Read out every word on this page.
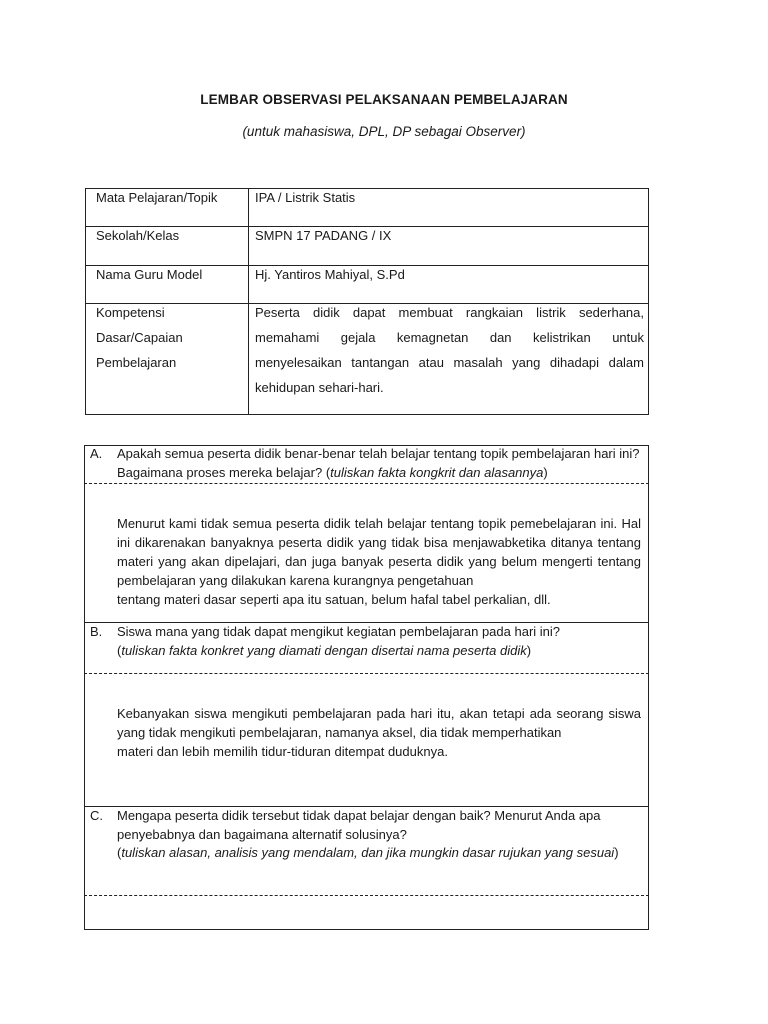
LEMBAR OBSERVASI PELAKSANAAN PEMBELAJARAN
(untuk mahasiswa, DPL, DP sebagai Observer)
Mata Pelajaran/Topik	IPA / Listrik Statis
Sekolah/Kelas	SMPN 17 PADANG / IX
Nama Guru Model	Hj. Yantiros Mahiyal, S.Pd

Kompetensi
Dasar/Capaian
Pembelajaran	Peserta didik dapat membuat rangkaian listrik sederhana, memahami gejala kemagnetan dan kelistrikan untuk menyelesaikan tantangan atau masalah yang dihadapi dalam kehidupan sehari-hari.
A. Apakah semua peserta didik benar-benar telah belajar tentang topik pembelajaran hari ini? Bagaimana proses mereka belajar? (tuliskan fakta kongkrit dan alasannya)
Menurut kami tidak semua peserta didik telah belajar tentang topik pemebelajaran ini. Hal ini dikarenakan banyaknya peserta didik yang tidak bisa menjawabketika ditanya tentang materi yang akan dipelajari, dan juga banyak peserta didik yang belum mengerti tentang pembelajaran yang dilakukan karena kurangnya pengetahuan
tentang materi dasar seperti apa itu satuan, belum hafal tabel perkalian, dll.
B. Siswa mana yang tidak dapat mengikut kegiatan pembelajaran pada hari ini?
(tuliskan fakta konkret yang diamati dengan disertai nama peserta didik)
Kebanyakan siswa mengikuti pembelajaran pada hari itu, akan tetapi ada seorang siswa yang tidak mengikuti pembelajaran, namanya aksel, dia tidak memperhatikan
materi dan lebih memilih tidur-tiduran ditempat duduknya.
C. Mengapa peserta didik tersebut tidak dapat belajar dengan baik? Menurut Anda apa penyebabnya dan bagaimana alternatif solusinya?
(tuliskan alasan, analisis yang mendalam, dan jika mungkin dasar rujukan yang sesuai)
